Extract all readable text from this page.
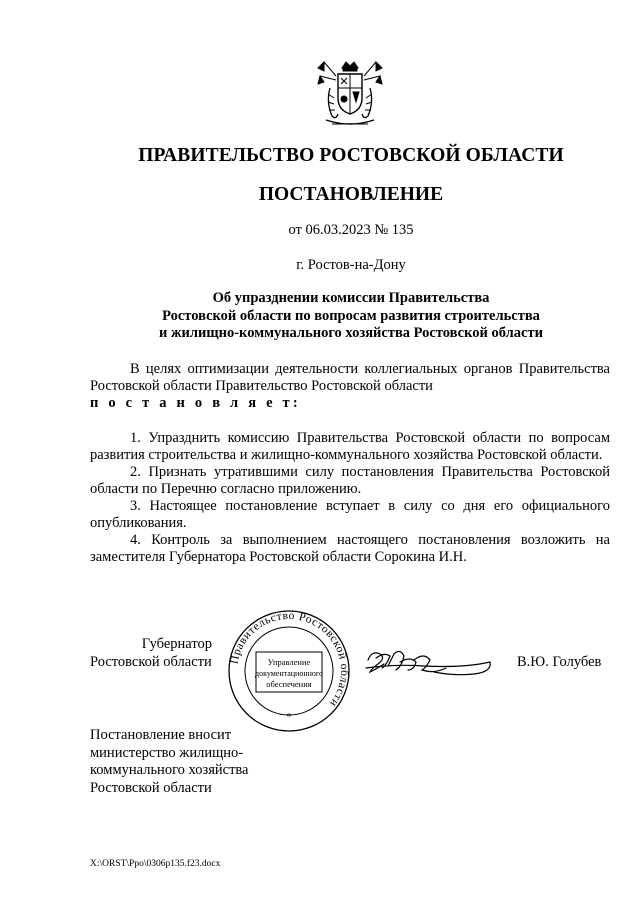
ПРАВИТЕЛЬСТВО РОСТОВСКОЙ ОБЛАСТИ
ПОСТАНОВЛЕНИЕ
от 06.03.2023 № 135
г. Ростов-на-Дону
Об упразднении комиссии Правительства
Ростовской области по вопросам развития строительства
и жилищно-коммунального хозяйства Ростовской области
В целях оптимизации деятельности коллегиальных органов Правительства Ростовской области Правительство Ростовской области
п о с т а н о в л я е т:

1. Упразднить комиссию Правительства Ростовской области по вопросам развития строительства и жилищно-коммунального хозяйства Ростовской области.

2. Признать утратившими силу постановления Правительства Ростовской области по Перечню согласно приложению.

3. Настоящее постановление вступает в силу со дня его официального опубликования.

4. Контроль за выполнением настоящего постановления возложить на заместителя Губернатора Ростовской области Сорокина И.Н.

Губернатор
Ростовской области	Правительство Ростовской области
Управление
документационного
обеспечения
*
В.Ю. Голубев
Постановление вносит
министерство жилищно-
коммунального хозяйства
Ростовской области
X:\ORST\Ppo\0306p135.f23.docx
